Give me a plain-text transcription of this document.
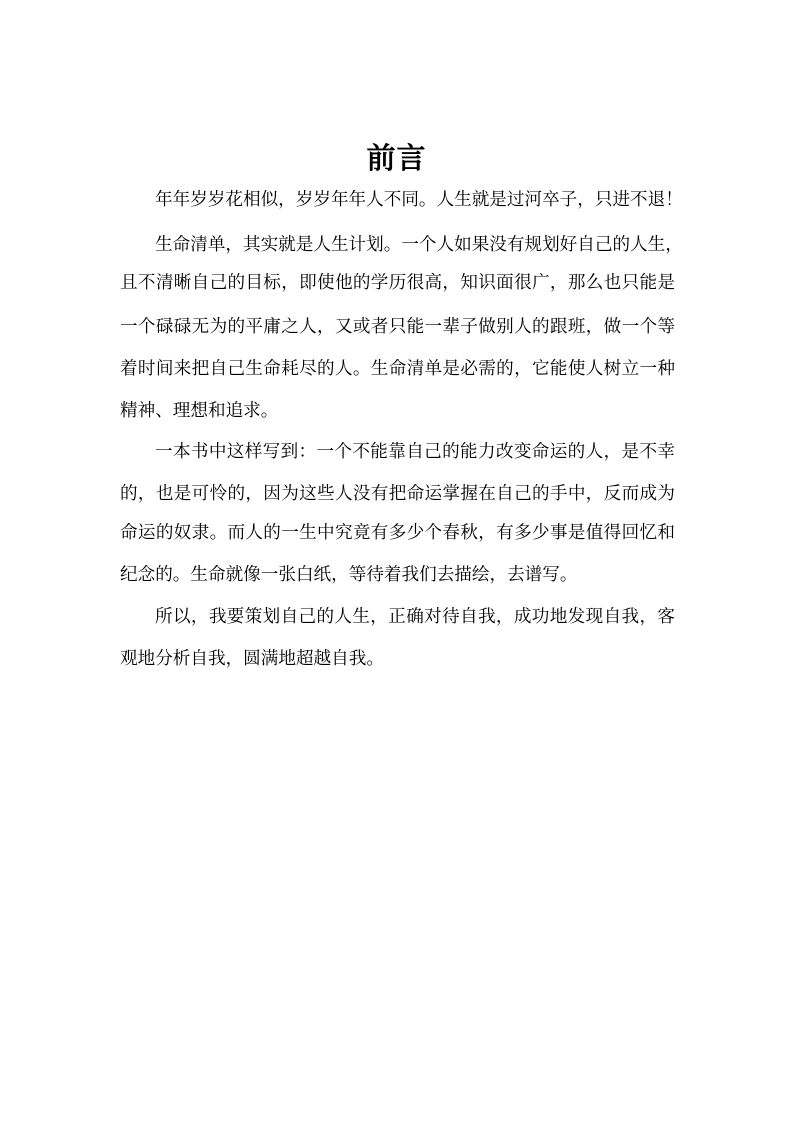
前言
年年岁岁花相似，岁岁年年人不同。人生就是过河卒子，只进不退！
生命清单，其实就是人生计划。一个人如果没有规划好自己的人生，
且不清晰自己的目标，即使他的学历很高，知识面很广，那么也只能是
一个碌碌无为的平庸之人，又或者只能一辈子做别人的跟班，做一个等
着时间来把自己生命耗尽的人。生命清单是必需的，它能使人树立一种
精神、理想和追求。
一本书中这样写到：一个不能靠自己的能力改变命运的人，是不幸
的，也是可怜的，因为这些人没有把命运掌握在自己的手中，反而成为
命运的奴隶。而人的一生中究竟有多少个春秋，有多少事是值得回忆和
纪念的。生命就像一张白纸，等待着我们去描绘，去谱写。
所以，我要策划自己的人生，正确对待自我，成功地发现自我，客
观地分析自我，圆满地超越自我。
